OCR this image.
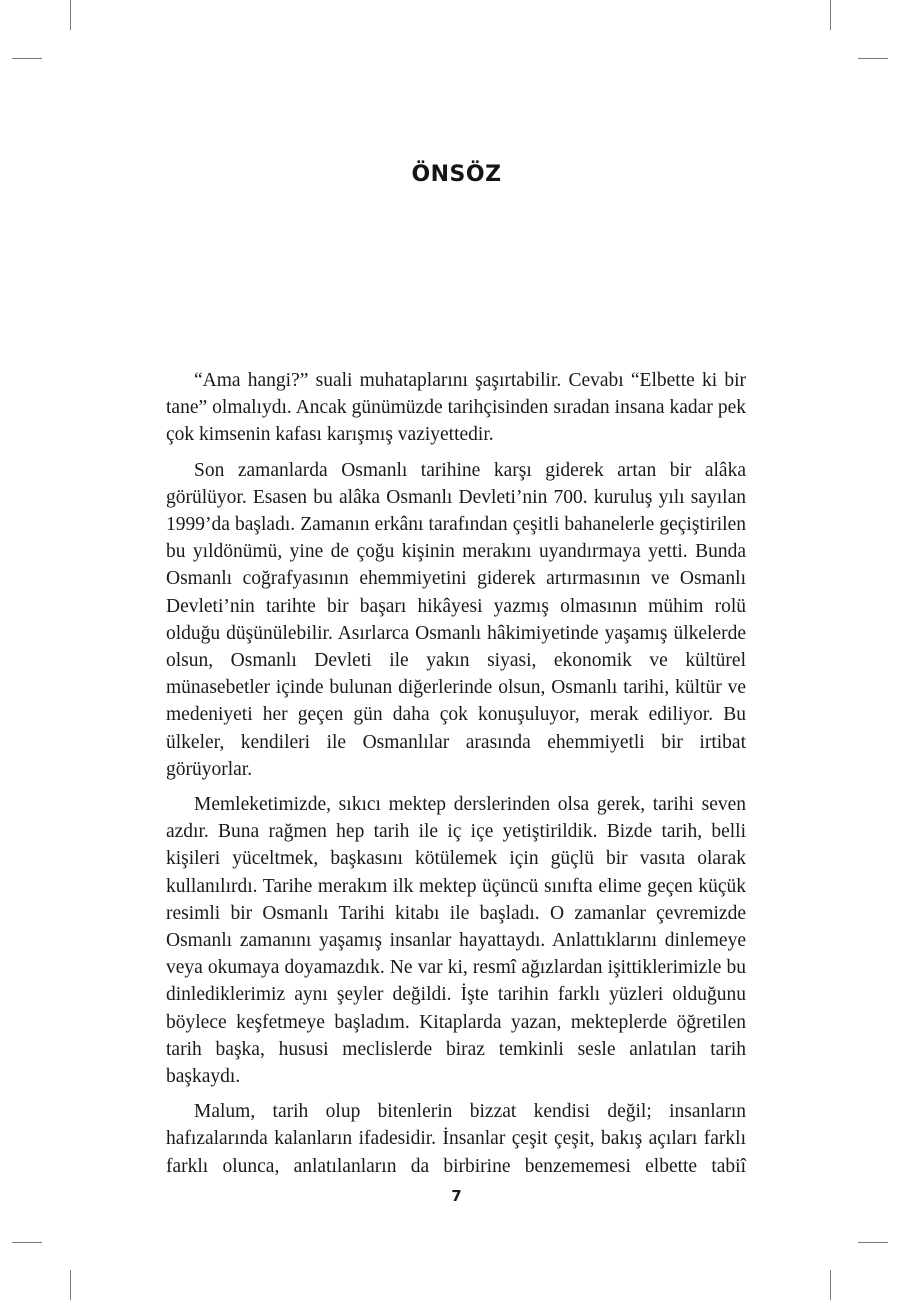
ÖNSÖZ

“Ama hangi?” suali muhataplarını şaşırtabilir. Cevabı “Elbette ki bir tane” olmalıydı. Ancak günümüzde tarihçisinden sıradan insana kadar pek çok kimsenin kafası karışmış vaziyettedir.

Son zamanlarda Osmanlı tarihine karşı giderek artan bir alâka görülüyor. Esasen bu alâka Osmanlı Devleti’nin 700. kuruluş yılı sayılan 1999’da başladı. Zamanın erkânı tarafından çeşitli bahanelerle geçiştirilen bu yıldönümü, yine de çoğu kişinin merakını uyandırmaya yetti. Bunda Osmanlı coğrafyasının ehemmiyetini giderek artırmasının ve Osmanlı Devleti’nin tarihte bir başarı hikâyesi yazmış olmasının mühim rolü olduğu düşünülebilir. Asırlarca Osmanlı hâkimiyetinde yaşamış ülkelerde olsun, Osmanlı Devleti ile yakın siyasi, ekonomik ve kültürel münasebetler içinde bulunan diğerlerinde olsun, Osmanlı tarihi, kültür ve medeniyeti her geçen gün daha çok konuşuluyor, merak ediliyor. Bu ülkeler, kendileri ile Osmanlılar arasında ehemmiyetli bir irtibat görüyorlar.

Memleketimizde, sıkıcı mektep derslerinden olsa gerek, tarihi seven azdır. Buna rağmen hep tarih ile iç içe yetiştirildik. Bizde tarih, belli kişileri yüceltmek, başkasını kötülemek için güçlü bir vasıta olarak kullanılırdı. Tarihe merakım ilk mektep üçüncü sınıfta elime geçen küçük resimli bir Osmanlı Tarihi kitabı ile başladı. O zamanlar çevremizde Osmanlı zamanını yaşamış insanlar hayattaydı. Anlattıklarını dinlemeye veya okumaya doyamazdık. Ne var ki, resmî ağızlardan işittiklerimizle bu dinlediklerimiz aynı şeyler değildi. İşte tarihin farklı yüzleri olduğunu böylece keşfetmeye başladım. Kitaplarda yazan, mekteplerde öğretilen tarih başka, hususi meclislerde biraz temkinli sesle anlatılan tarih başkaydı.

Malum, tarih olup bitenlerin bizzat kendisi değil; insanların hafızalarında kalanların ifadesidir. İnsanlar çeşit çeşit, bakış açıları farklı farklı olunca, anlatılanların da birbirine benzememesi elbette tabiî

7
